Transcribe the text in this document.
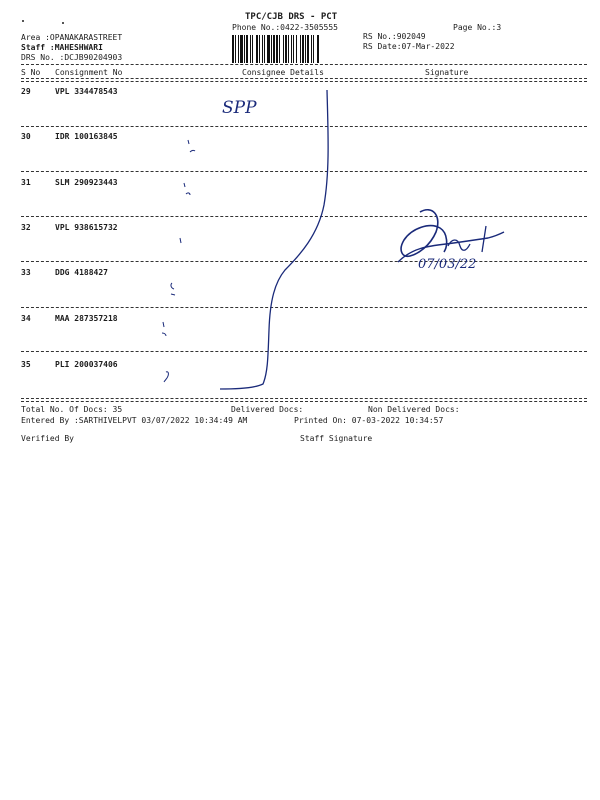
TPC/CJB DRS - PCT
Phone No.:0422-3505555	Page No.:3
Area :OPANAKARASTREET
Staff :MAHESHWARI
DRS No. :DCJB90204903
RS No.:902049
RS Date:07-Mar-2022
S No Consignment No	Consignee Details	Signature
29	VPL 334478543
30	IDR 100163845
31	SLM 290923443
32	VPL 938615732
33	DDG 4188427
34	MAA 287357218
35	PLI 200037406
Total No. Of Docs: 35	Delivered Docs:	Non Delivered Docs:
Entered By :SARTHIVELPVT 03/07/2022 10:34:49 AM	Printed On: 07-03-2022 10:34:57
Verified By	Staff Signature
SPP
07/03/22
